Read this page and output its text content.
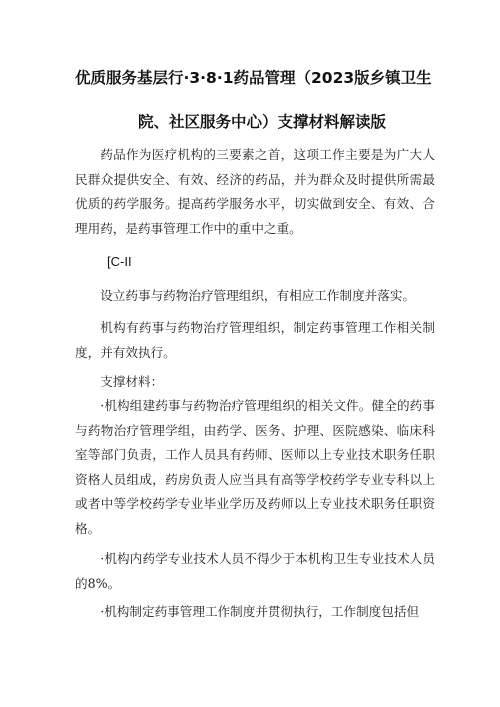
优质服务基层行·3·8·1药品管理（2023版乡镇卫生
院、社区服务中心）支撑材料解读版

药品作为医疗机构的三要素之首，这项工作主要是为广大人民群众提供安全、有效、经济的药品，并为群众及时提供所需最优质的药学服务。提高药学服务水平，切实做到安全、有效、合理用药，是药事管理工作中的重中之重。

[C-II

设立药事与药物治疗管理组织，有相应工作制度并落实。

机构有药事与药物治疗管理组织，制定药事管理工作相关制度，并有效执行。

支撑材料：

·机构组建药事与药物治疗管理组织的相关文件。健全的药事与药物治疗管理学组，由药学、医务、护理、医院感染、临床科室等部门负责，工作人员具有药师、医师以上专业技术职务任职资格人员组成，药房负责人应当具有高等学校药学专业专科以上或者中等学校药学专业毕业学历及药师以上专业技术职务任职资格。

·机构内药学专业技术人员不得少于本机构卫生专业技术人员的8%。

·机构制定药事管理工作制度并贯彻执行，工作制度包括但
